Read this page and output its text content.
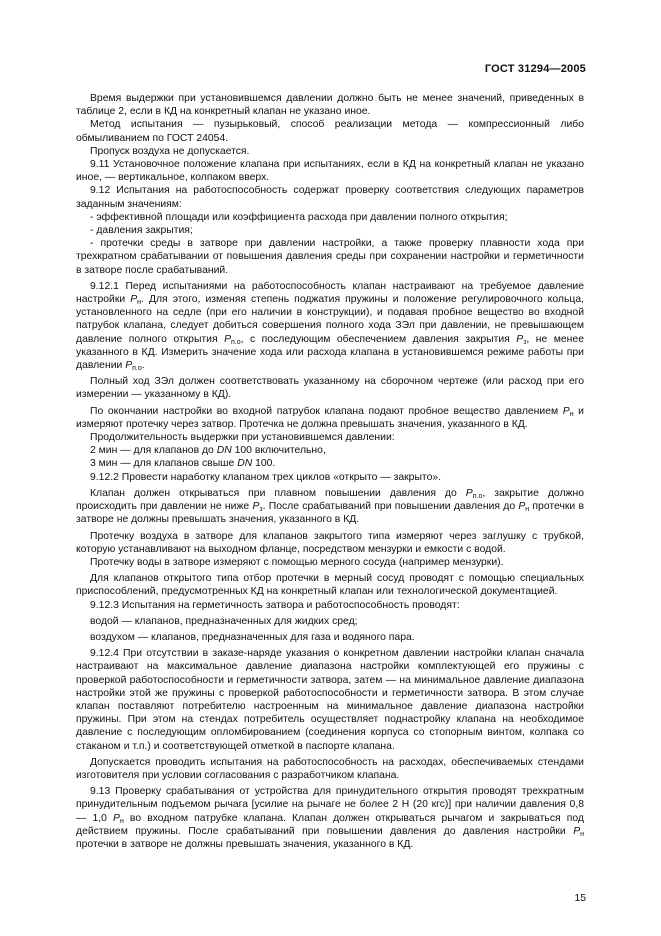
ГОСТ 31294—2005

Время выдержки при установившемся давлении должно быть не менее значений, приведенных в таблице 2, если в КД на конкретный клапан не указано иное.

Метод испытания — пузырьковый, способ реализации метода — компрессионный либо обмыливанием по ГОСТ 24054.

Пропуск воздуха не допускается.

9.11 Установочное положение клапана при испытаниях, если в КД на конкретный клапан не указано иное, — вертикальное, колпаком вверх.

9.12 Испытания на работоспособность содержат проверку соответствия следующих параметров заданным значениям:

- эффективной площади или коэффициента расхода при давлении полного открытия;

- давления закрытия;

- протечки среды в затворе при давлении настройки, а также проверку плавности хода при трехкратном срабатывании от повышения давления среды при сохранении настройки и герметичности в затворе после срабатываний.

9.12.1 Перед испытаниями на работоспособность клапан настраивают на требуемое давление настройки $P_н$. Для этого, изменяя степень поджатия пружины и положение регулировочного кольца, установленного на седле (при его наличии в конструкции), и подавая пробное вещество во входной патрубок клапана, следует добиться совершения полного хода ЗЭл при давлении, не превышающем давление полного открытия $P_{п.о}$, с последующим обеспечением давления закрытия $P_з$, не менее указанного в КД. Измерить значение хода или расхода клапана в установившемся режиме работы при давлении $P_{п.о}$.

Полный ход ЗЭл должен соответствовать указанному на сборочном чертеже (или расход при его измерении — указанному в КД).

По окончании настройки во входной патрубок клапана подают пробное вещество давлением $P_н$ и измеряют протечку через затвор. Протечка не должна превышать значения, указанного в КД.

Продолжительность выдержки при установившемся давлении:

2 мин — для клапанов до DN 100 включительно,

3 мин — для клапанов свыше DN 100.

9.12.2 Провести наработку клапаном трех циклов «открыто — закрыто».

Клапан должен открываться при плавном повышении давления до $P_{п.о}$, закрытие должно происходить при давлении не ниже $P_з$. После срабатываний при повышении давления до $P_н$ протечки в затворе не должны превышать значения, указанного в КД.

Протечку воздуха в затворе для клапанов закрытого типа измеряют через заглушку с трубкой, которую устанавливают на выходном фланце, посредством мензурки и емкости с водой.

Протечку воды в затворе измеряют с помощью мерного сосуда (например мензурки).

Для клапанов открытого типа отбор протечки в мерный сосуд проводят с помощью специальных приспособлений, предусмотренных КД на конкретный клапан или технологической документацией.

9.12.3 Испытания на герметичность затвора и работоспособность проводят:

водой — клапанов, предназначенных для жидких сред;

воздухом — клапанов, предназначенных для газа и водяного пара.

9.12.4 При отсутствии в заказе-наряде указания о конкретном давлении настройки клапан сначала настраивают на максимальное давление диапазона настройки комплектующей его пружины с проверкой работоспособности и герметичности затвора, затем — на минимальное давление диапазона настройки этой же пружины с проверкой работоспособности и герметичности затвора. В этом случае клапан поставляют потребителю настроенным на минимальное давление диапазона настройки пружины. При этом на стендах потребитель осуществляет поднастройку клапана на необходимое давление с последующим опломбированием (соединения корпуса со стопорным винтом, колпака со стаканом и т.п.) и соответствующей отметкой в паспорте клапана.

Допускается проводить испытания на работоспособность на расходах, обеспечиваемых стендами изготовителя при условии согласования с разработчиком клапана.

9.13 Проверку срабатывания от устройства для принудительного открытия проводят трехкратным принудительным подъемом рычага [усилие на рычаге не более 2 Н (20 кгс)] при наличии давления 0,8 — 1,0 $P_н$ во входном патрубке клапана. Клапан должен открываться рычагом и закрываться под действием пружины. После срабатываний при повышении давления до давления настройки $P_н$ протечки в затворе не должны превышать значения, указанного в КД.

15
